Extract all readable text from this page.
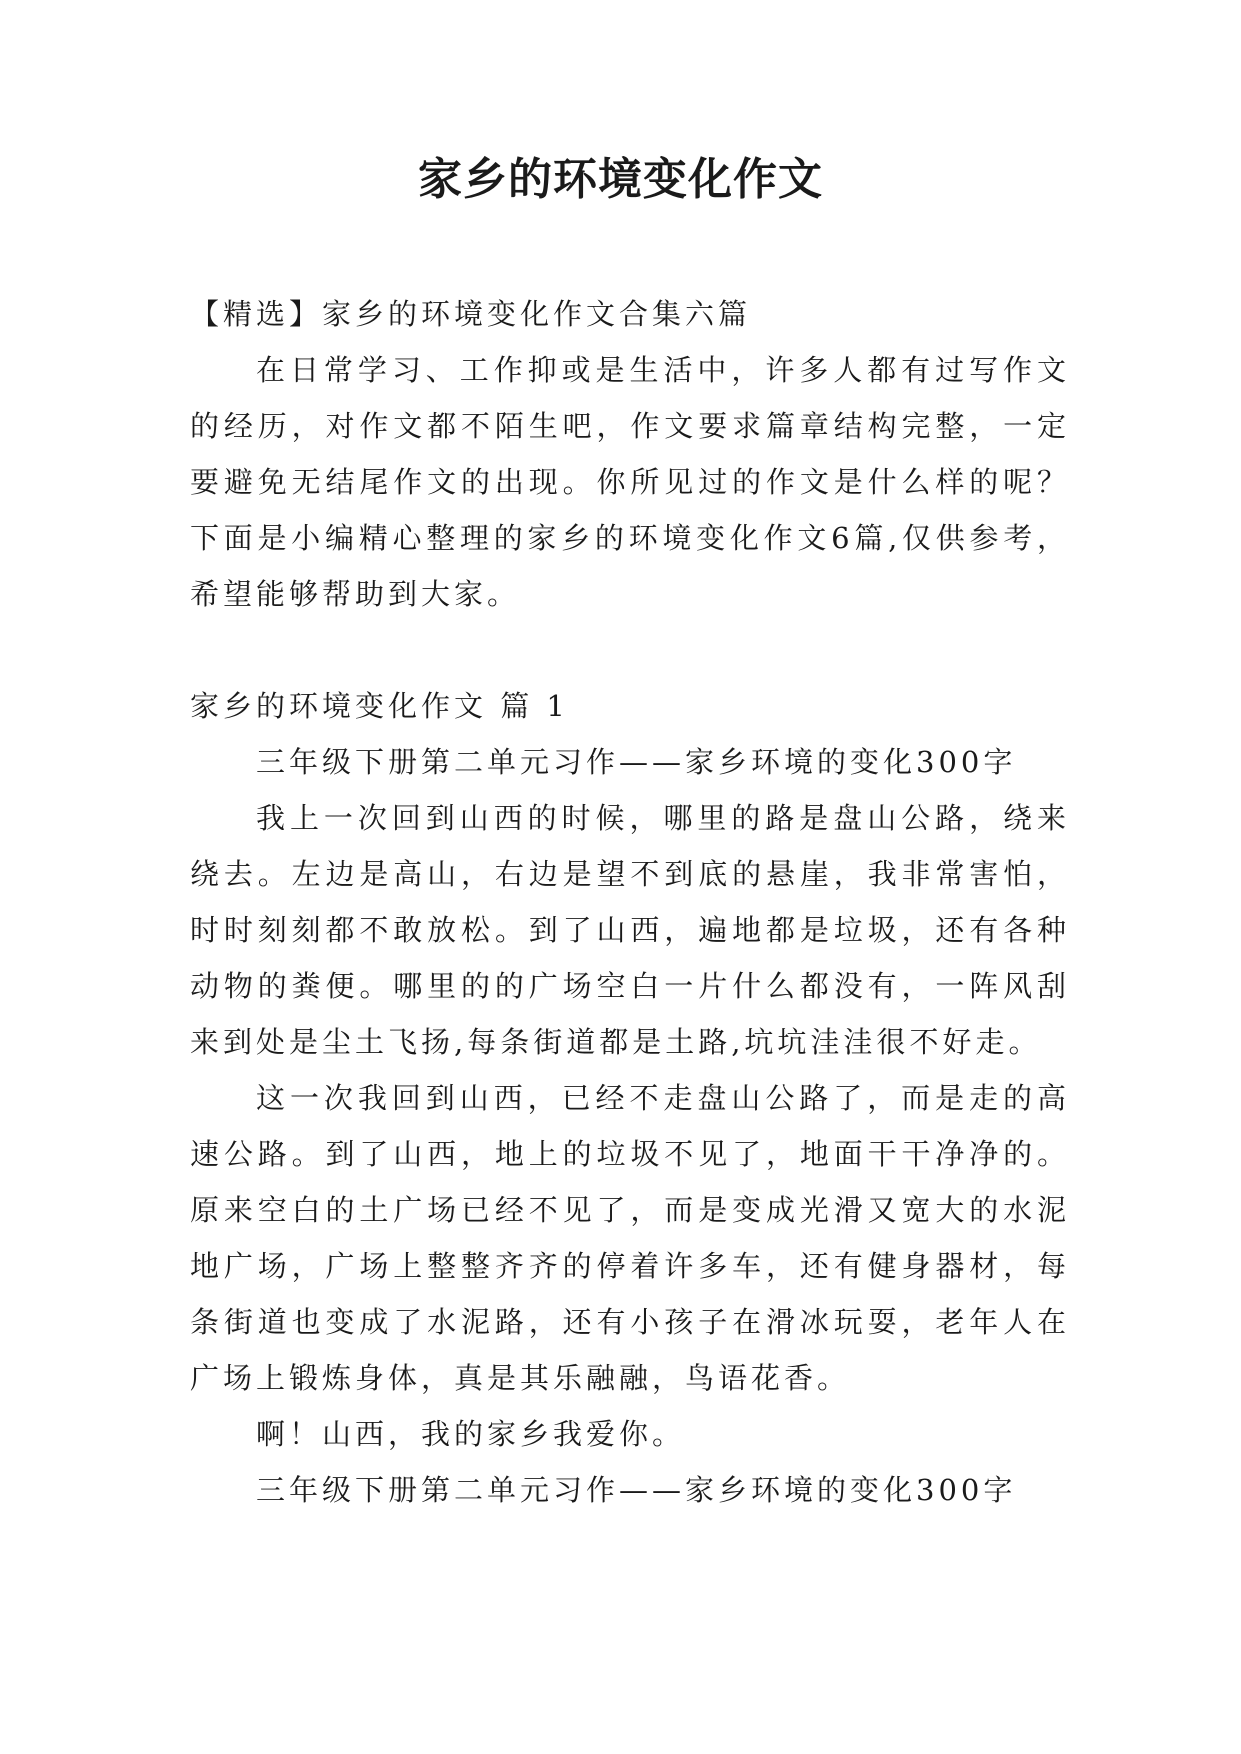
家乡的环境变化作文

【精选】家乡的环境变化作文合集六篇

在日常学习、工作抑或是生活中，许多人都有过写作文的经历，对作文都不陌生吧，作文要求篇章结构完整，一定要避免无结尾作文的出现。你所见过的作文是什么样的呢？下面是小编精心整理的家乡的环境变化作文6篇,仅供参考，希望能够帮助到大家。

家乡的环境变化作文 篇 1

三年级下册第二单元习作——家乡环境的变化300字

我上一次回到山西的时候，哪里的路是盘山公路，绕来绕去。左边是高山，右边是望不到底的悬崖，我非常害怕，时时刻刻都不敢放松。到了山西，遍地都是垃圾，还有各种动物的粪便。哪里的的广场空白一片什么都没有，一阵风刮来到处是尘土飞扬,每条街道都是土路,坑坑洼洼很不好走。

这一次我回到山西，已经不走盘山公路了，而是走的高速公路。到了山西，地上的垃圾不见了，地面干干净净的。原来空白的土广场已经不见了，而是变成光滑又宽大的水泥地广场，广场上整整齐齐的停着许多车，还有健身器材，每条街道也变成了水泥路，还有小孩子在滑冰玩耍，老年人在广场上锻炼身体，真是其乐融融，鸟语花香。

啊！山西，我的家乡我爱你。

三年级下册第二单元习作——家乡环境的变化300字
